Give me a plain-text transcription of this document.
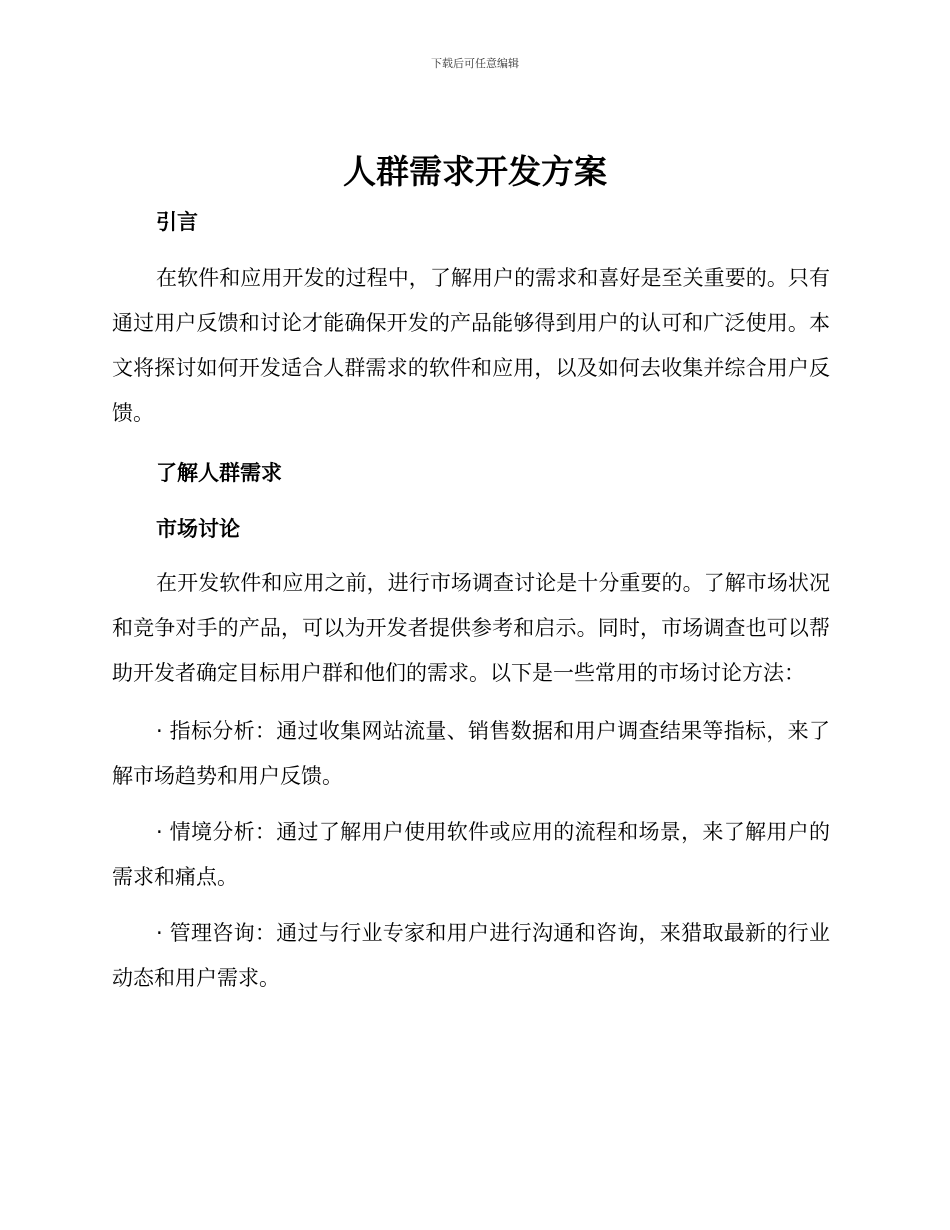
下载后可任意编辑
人群需求开发方案
引言

在软件和应用开发的过程中，了解用户的需求和喜好是至关重要的。只有通过用户反馈和讨论才能确保开发的产品能够得到用户的认可和广泛使用。本文将探讨如何开发适合人群需求的软件和应用，以及如何去收集并综合用户反馈。

了解人群需求
市场讨论

在开发软件和应用之前，进行市场调查讨论是十分重要的。了解市场状况和竞争对手的产品，可以为开发者提供参考和启示。同时，市场调查也可以帮助开发者确定目标用户群和他们的需求。以下是一些常用的市场讨论方法：

· 指标分析：通过收集网站流量、销售数据和用户调查结果等指标，来了解市场趋势和用户反馈。

· 情境分析：通过了解用户使用软件或应用的流程和场景，来了解用户的需求和痛点。

· 管理咨询：通过与行业专家和用户进行沟通和咨询，来猎取最新的行业动态和用户需求。
